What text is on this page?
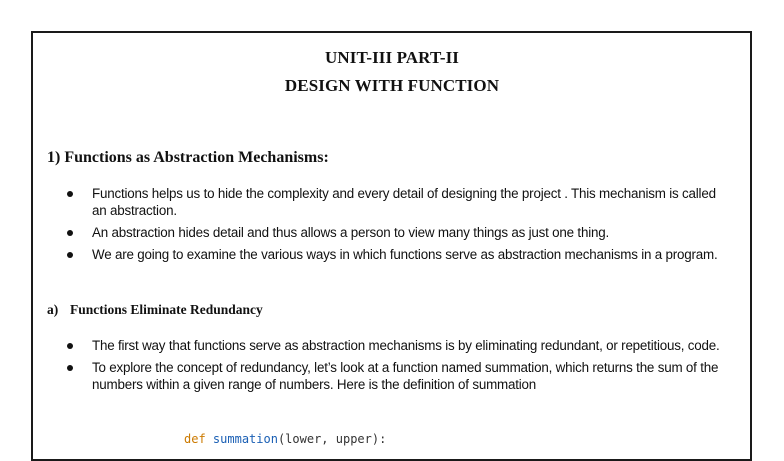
UNIT-III PART-II
DESIGN WITH FUNCTION
1) Functions as Abstraction Mechanisms:
Functions helps us to hide the complexity and every detail of designing the project . This mechanism is called an abstraction.
An abstraction hides detail and thus allows a person to view many things as just one thing.
We are going to examine the various ways in which functions serve as abstraction mechanisms in a program.
a) Functions Eliminate Redundancy
The first way that functions serve as abstraction mechanisms is by eliminating redundant, or repetitious, code.
To explore the concept of redundancy, let’s look at a function named summation, which returns the sum of the numbers within a given range of numbers. Here is the definition of summation
def summation(lower, upper):
